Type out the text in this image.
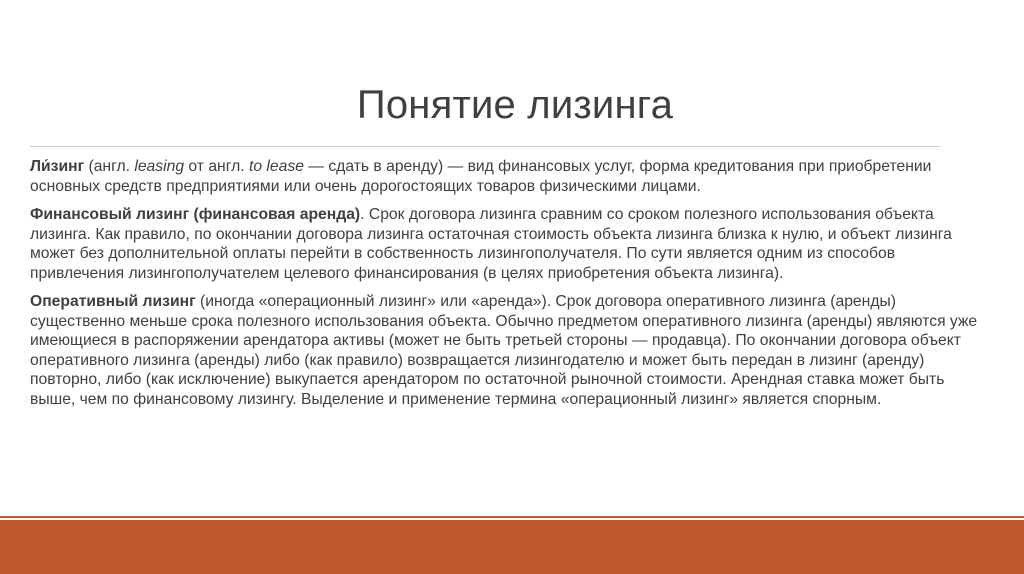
Понятие лизинга

Ли́зинг (англ. leasing от англ. to lease — сдать в аренду) — вид финансовых услуг, форма кредитования при приобретении основных средств предприятиями или очень дорогостоящих товаров физическими лицами.

Финансовый лизинг (финансовая аренда). Срок договора лизинга сравним со сроком полезного использования объекта лизинга. Как правило, по окончании договора лизинга остаточная стоимость объекта лизинга близка к нулю, и объект лизинга может без дополнительной оплаты перейти в собственность лизингополучателя. По сути является одним из способов привлечения лизингополучателем целевого финансирования (в целях приобретения объекта лизинга).

Оперативный лизинг (иногда «операционный лизинг» или «аренда»). Срок договора оперативного лизинга (аренды) существенно меньше срока полезного использования объекта. Обычно предметом оперативного лизинга (аренды) являются уже имеющиеся в распоряжении арендатора активы (может не быть третьей стороны — продавца). По окончании договора объект оперативного лизинга (аренды) либо (как правило) возвращается лизингодателю и может быть передан в лизинг (аренду) повторно, либо (как исключение) выкупается арендатором по остаточной рыночной стоимости. Арендная ставка может быть выше, чем по финансовому лизингу. Выделение и применение термина «операционный лизинг» является спорным.
